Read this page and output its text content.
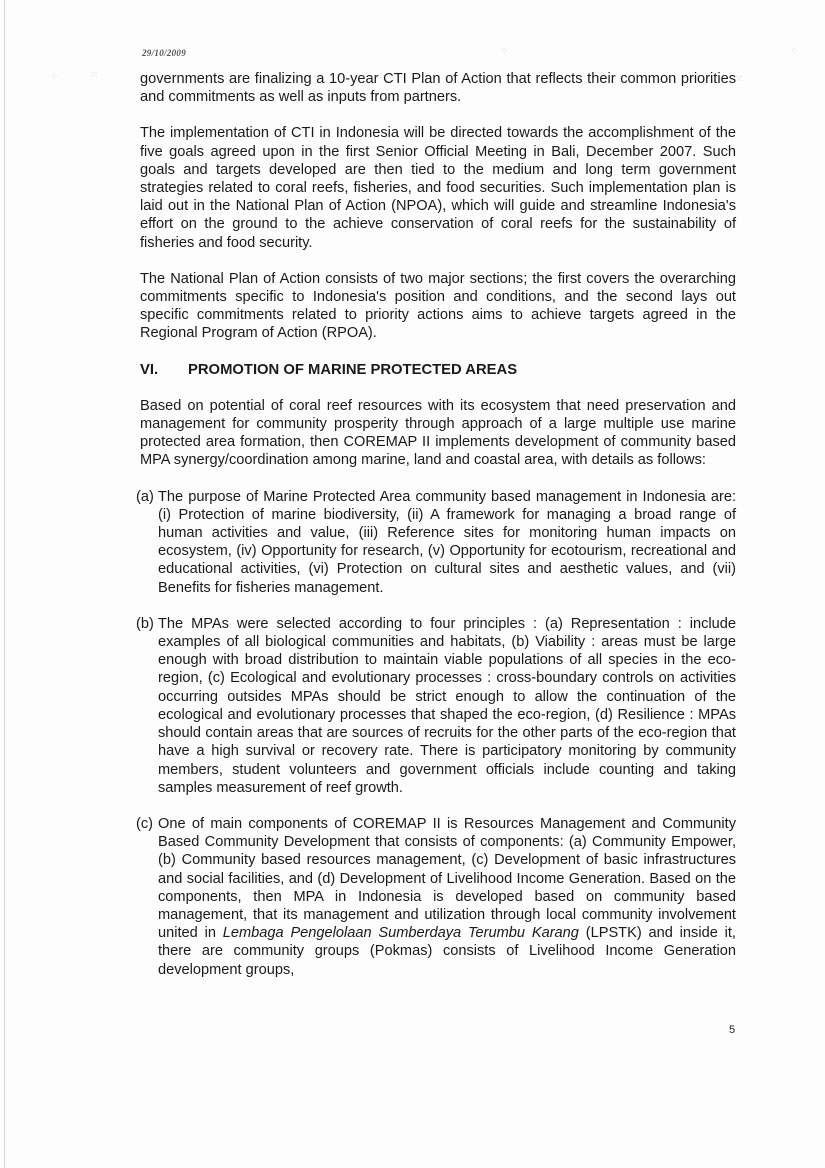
29/10/2009
⁘	⁙
⁘
⁙
⁘

governments are finalizing a 10-year CTI Plan of Action that reflects their common priorities and commitments as well as inputs from partners.

The implementation of CTI in Indonesia will be directed towards the accomplishment of the five goals agreed upon in the first Senior Official Meeting in Bali, December 2007. Such goals and targets developed are then tied to the medium and long term government strategies related to coral reefs, fisheries, and food securities. Such implementation plan is laid out in the National Plan of Action (NPOA), which will guide and streamline Indonesia's effort on the ground to the achieve conservation of coral reefs for the sustainability of fisheries and food security.

The National Plan of Action consists of two major sections; the first covers the overarching commitments specific to Indonesia's position and conditions, and the second lays out specific commitments related to priority actions aims to achieve targets agreed in the Regional Program of Action (RPOA).

VI.	PROMOTION OF MARINE PROTECTED AREAS

Based on potential of coral reef resources with its ecosystem that need preservation and management for community prosperity through approach of a large multiple use marine protected area formation, then COREMAP II implements development of community based MPA synergy/coordination among marine, land and coastal area, with details as follows:

(a) The purpose of Marine Protected Area community based management in Indonesia are: (i) Protection of marine biodiversity, (ii) A framework for managing a broad range of human activities and value, (iii) Reference sites for monitoring human impacts on ecosystem, (iv) Opportunity for research, (v) Opportunity for ecotourism, recreational and educational activities, (vi) Protection on cultural sites and aesthetic values, and (vii) Benefits for fisheries management.
(b) The MPAs were selected according to four principles : (a) Representation : include examples of all biological communities and habitats, (b) Viability : areas must be large enough with broad distribution to maintain viable populations of all species in the eco-region, (c) Ecological and evolutionary processes : cross-boundary controls on activities occurring outsides MPAs should be strict enough to allow the continuation of the ecological and evolutionary processes that shaped the eco-region, (d) Resilience : MPAs should contain areas that are sources of recruits for the other parts of the eco-region that have a high survival or recovery rate. There is participatory monitoring by community members, student volunteers and government officials include counting and taking samples measurement of reef growth.
(c) One of main components of COREMAP II is Resources Management and Community Based Community Development that consists of components: (a) Community Empower, (b) Community based resources management, (c) Development of basic infrastructures and social facilities, and (d) Development of Livelihood Income Generation. Based on the components, then MPA in Indonesia is developed based on community based management, that its management and utilization through local community involvement united in Lembaga Pengelolaan Sumberdaya Terumbu Karang (LPSTK) and inside it, there are community groups (Pokmas) consists of Livelihood Income Generation development groups,
5
